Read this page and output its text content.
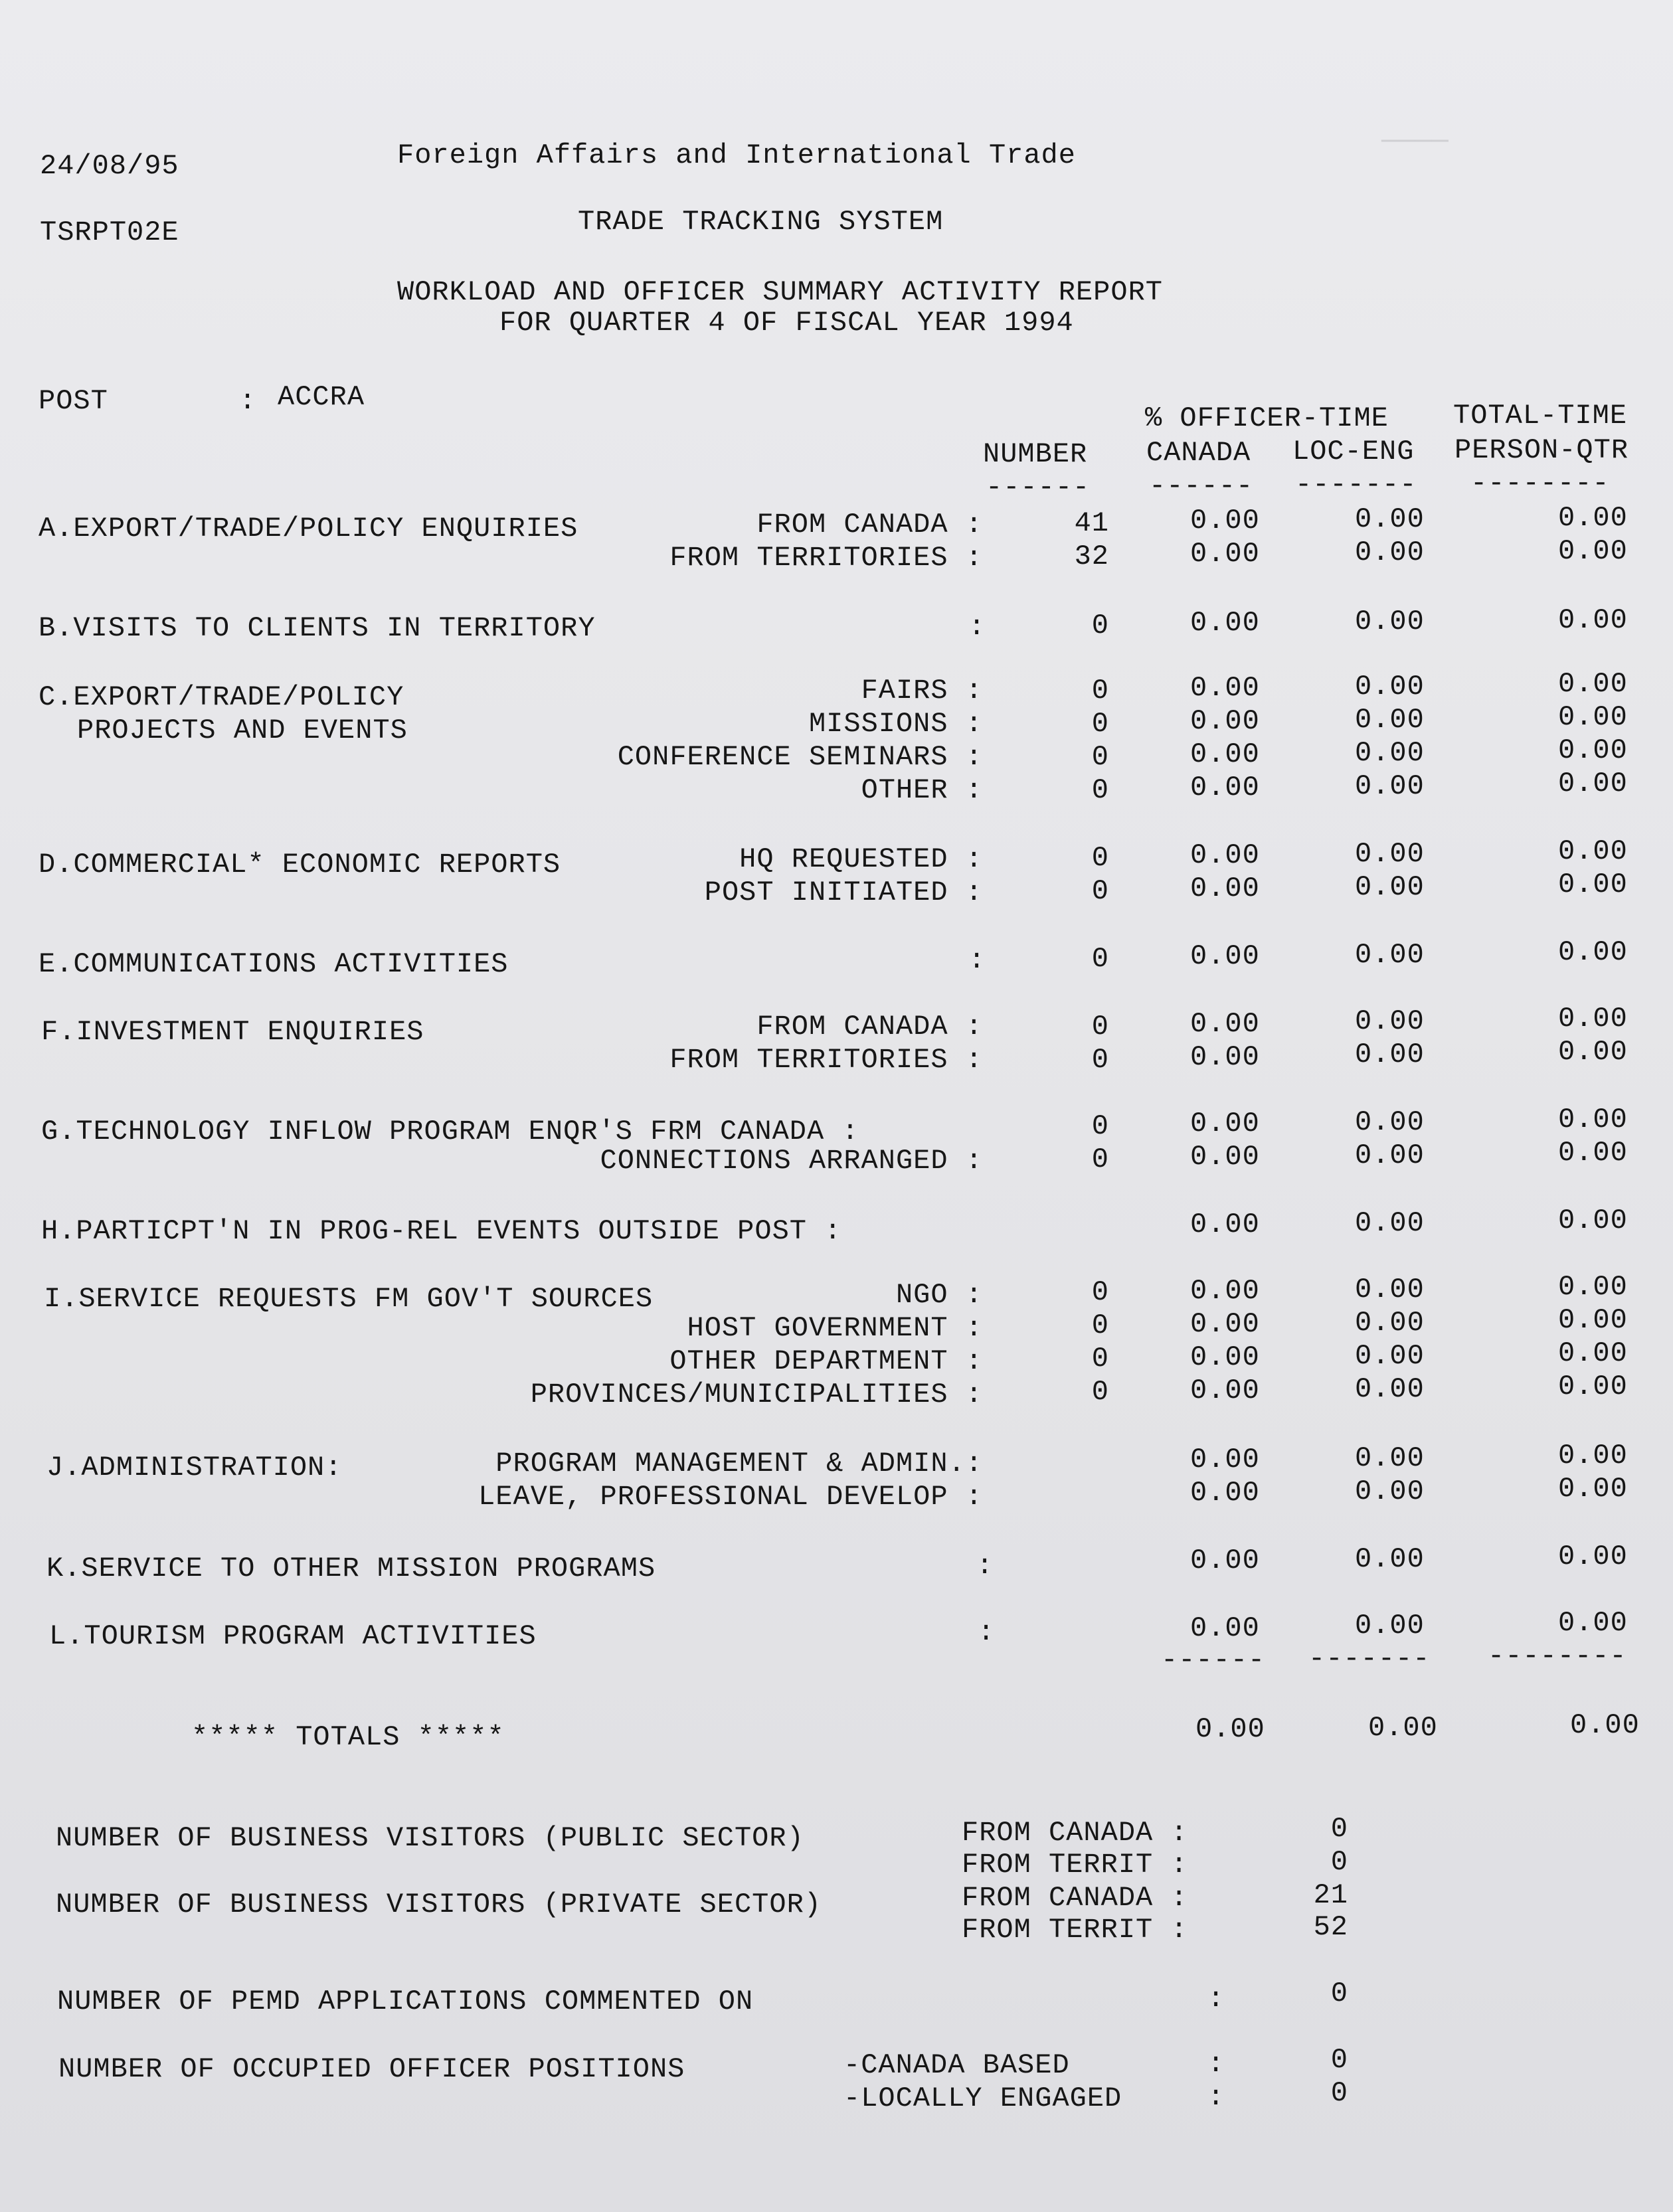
────
24/08/95	Foreign Affairs and International Trade
TSRPT02E	TRADE TRACKING SYSTEM
WORKLOAD AND OFFICER SUMMARY ACTIVITY REPORT
FOR QUARTER 4 OF FISCAL YEAR 1994
POST	: ACCRA
% OFFICER-TIME TOTAL-TIME
NUMBER CANADA LOC-ENG PERSON-QTR
------ ------ ------- --------
A.EXPORT/TRADE/POLICY ENQUIRIES	FROM CANADA :	41	0.00	0.00	0.00
FROM TERRITORIES :	32	0.00	0.00	0.00
B.VISITS TO CLIENTS IN TERRITORY	:	0	0.00	0.00	0.00
C.EXPORT/TRADE/POLICY
PROJECTS AND EVENTS
FAIRS :	0	0.00	0.00	0.00
MISSIONS :	0	0.00	0.00	0.00
CONFERENCE SEMINARS :	0	0.00	0.00	0.00
OTHER :	0	0.00	0.00	0.00
D.COMMERCIAL* ECONOMIC REPORTS	HQ REQUESTED :	0	0.00	0.00	0.00
POST INITIATED :	0	0.00	0.00	0.00
E.COMMUNICATIONS ACTIVITIES	:	0	0.00	0.00	0.00
F.INVESTMENT ENQUIRIES	FROM CANADA :	0	0.00	0.00	0.00
FROM TERRITORIES :	0	0.00	0.00	0.00
G.TECHNOLOGY INFLOW PROGRAM ENQR'S FRM CANADA :	0	0.00	0.00	0.00
CONNECTIONS ARRANGED :	0	0.00	0.00	0.00
H.PARTICPT'N IN PROG-REL EVENTS OUTSIDE POST :	0.00	0.00	0.00
I.SERVICE REQUESTS FM GOV'T SOURCES	NGO :	0	0.00	0.00	0.00
HOST GOVERNMENT :	0	0.00	0.00	0.00
OTHER DEPARTMENT :	0	0.00	0.00	0.00
PROVINCES/MUNICIPALITIES :	0	0.00	0.00	0.00
J.ADMINISTRATION:	PROGRAM MANAGEMENT & ADMIN.:	0.00	0.00	0.00
LEAVE, PROFESSIONAL DEVELOP :	0.00	0.00	0.00
K.SERVICE TO OTHER MISSION PROGRAMS	:	0.00	0.00	0.00
L.TOURISM PROGRAM ACTIVITIES	:	0.00	0.00	0.00
------ ------- --------
***** TOTALS *****	0.00	0.00	0.00
NUMBER OF BUSINESS VISITORS (PUBLIC SECTOR)	FROM CANADA :	0
FROM TERRIT :	0
NUMBER OF BUSINESS VISITORS (PRIVATE SECTOR)	FROM CANADA :	21
FROM TERRIT :	52
NUMBER OF PEMD APPLICATIONS COMMENTED ON	:	0
NUMBER OF OCCUPIED OFFICER POSITIONS	-CANADA BASED	:	0
-LOCALLY ENGAGED	:	0
